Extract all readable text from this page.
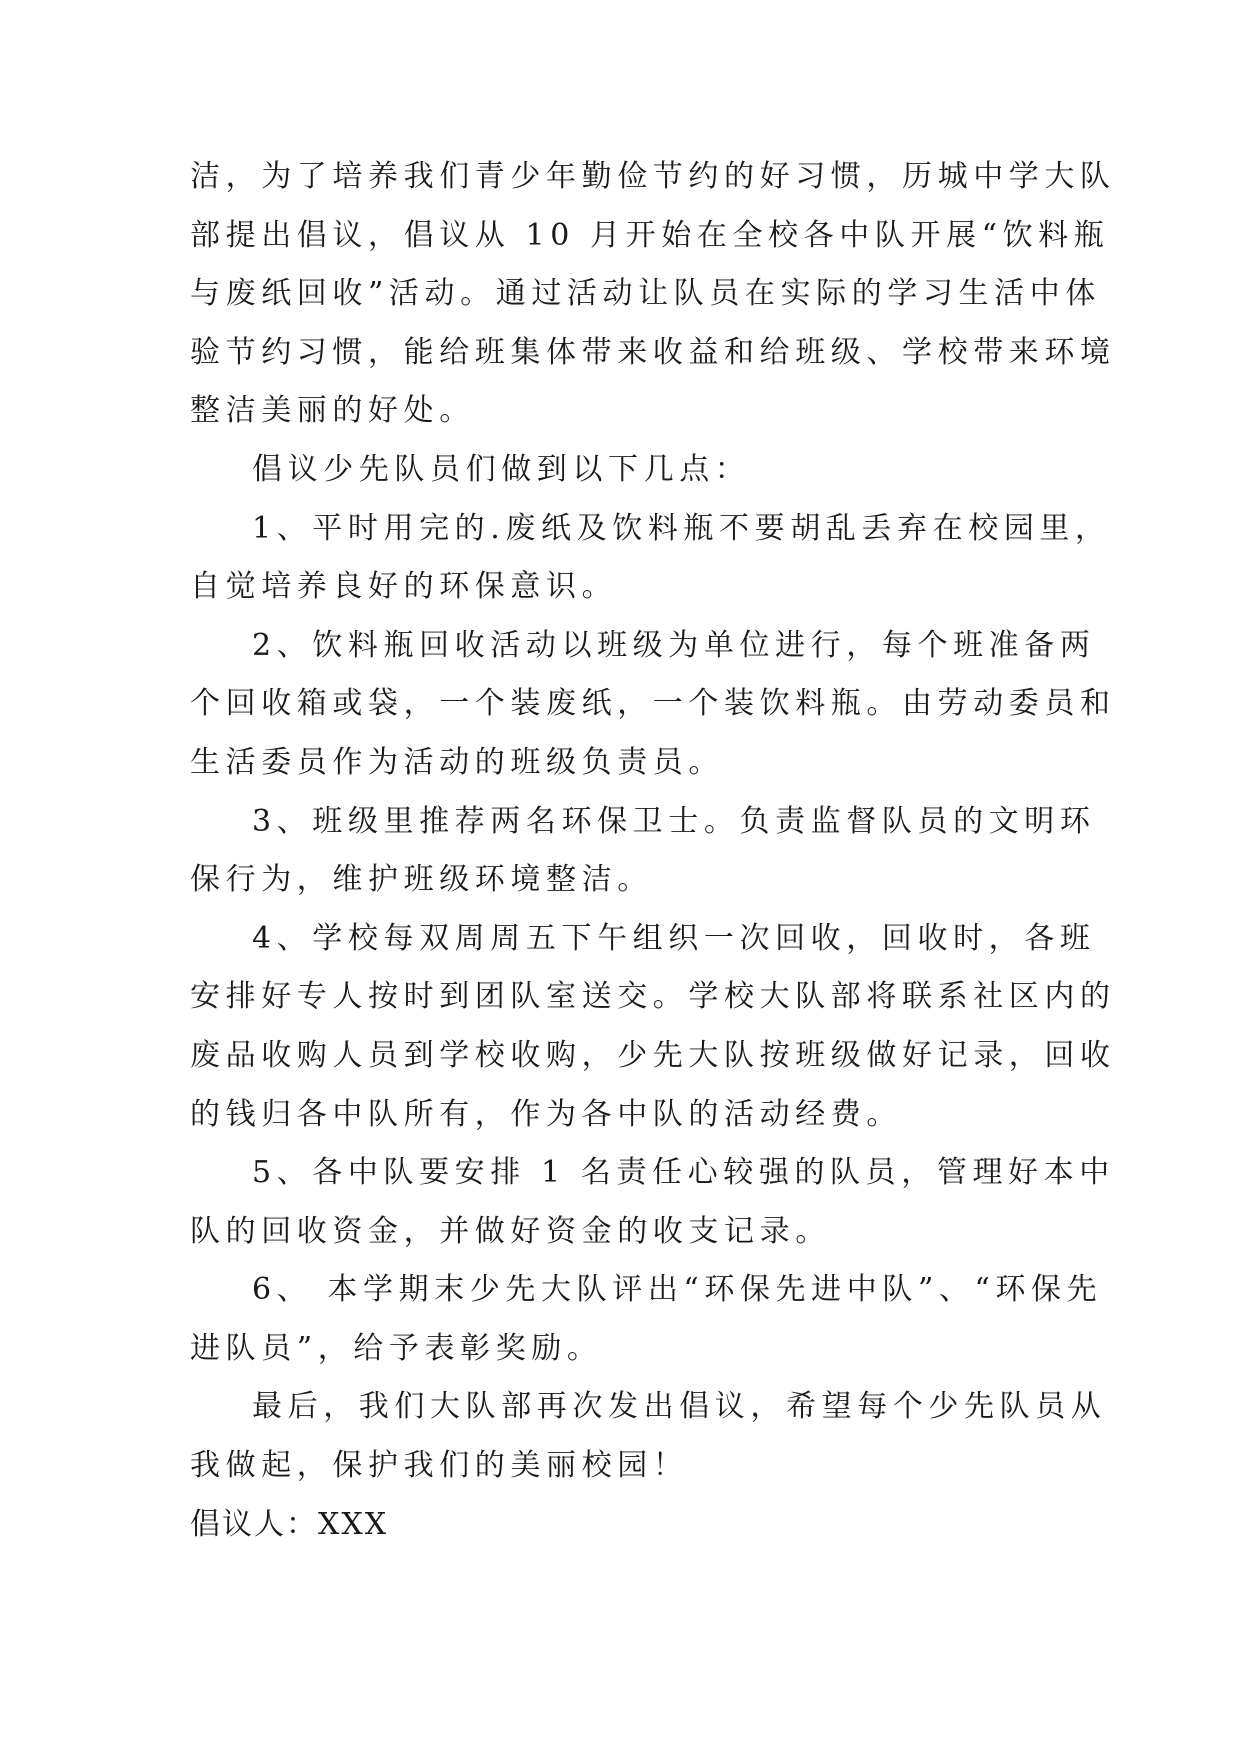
洁，为了培养我们青少年勤俭节约的好习惯，历城中学大队
部提出倡议，倡议从 10 月开始在全校各中队开展“饮料瓶
与废纸回收”活动。通过活动让队员在实际的学习生活中体
验节约习惯，能给班集体带来收益和给班级、学校带来环境
整洁美丽的好处。
倡议少先队员们做到以下几点：
1、平时用完的.废纸及饮料瓶不要胡乱丢弃在校园里，
自觉培养良好的环保意识。
2、饮料瓶回收活动以班级为单位进行，每个班准备两
个回收箱或袋，一个装废纸，一个装饮料瓶。由劳动委员和
生活委员作为活动的班级负责员。
3、班级里推荐两名环保卫士。负责监督队员的文明环
保行为，维护班级环境整洁。
4、学校每双周周五下午组织一次回收，回收时，各班
安排好专人按时到团队室送交。学校大队部将联系社区内的
废品收购人员到学校收购，少先大队按班级做好记录，回收
的钱归各中队所有，作为各中队的活动经费。
5、各中队要安排 1 名责任心较强的队员，管理好本中
队的回收资金，并做好资金的收支记录。
6、 本学期末少先大队评出“环保先进中队”、“环保先
进队员”，给予表彰奖励。
最后，我们大队部再次发出倡议，希望每个少先队员从
我做起，保护我们的美丽校园！
倡议人：XXX
